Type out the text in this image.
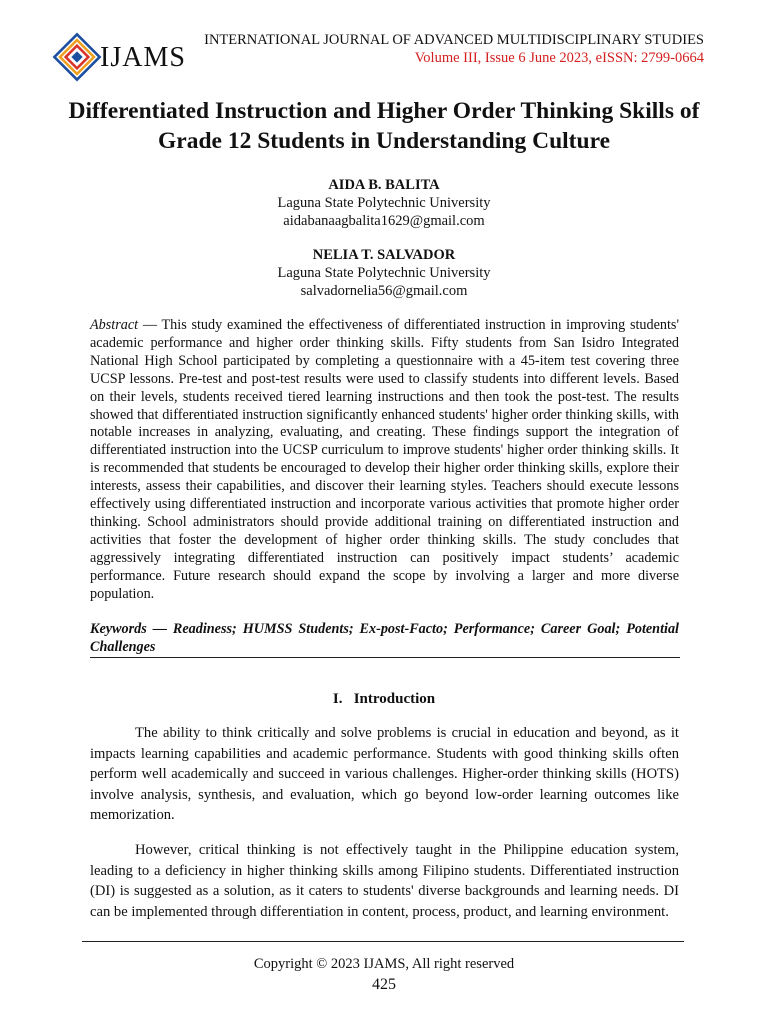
IJAMS
INTERNATIONAL JOURNAL OF ADVANCED MULTIDISCIPLINARY STUDIES
Volume III, Issue 6 June 2023, eISSN: 2799-0664
Differentiated Instruction and Higher Order Thinking Skills of Grade 12 Students in Understanding Culture
AIDA B. BALITA
Laguna State Polytechnic University
aidabanaagbalita1629@gmail.com
NELIA T. SALVADOR
Laguna State Polytechnic University
salvadornelia56@gmail.com
Abstract — This study examined the effectiveness of differentiated instruction in improving students' academic performance and higher order thinking skills. Fifty students from San Isidro Integrated National High School participated by completing a questionnaire with a 45-item test covering three UCSP lessons. Pre-test and post-test results were used to classify students into different levels. Based on their levels, students received tiered learning instructions and then took the post-test. The results showed that differentiated instruction significantly enhanced students' higher order thinking skills, with notable increases in analyzing, evaluating, and creating. These findings support the integration of differentiated instruction into the UCSP curriculum to improve students' higher order thinking skills. It is recommended that students be encouraged to develop their higher order thinking skills, explore their interests, assess their capabilities, and discover their learning styles. Teachers should execute lessons effectively using differentiated instruction and incorporate various activities that promote higher order thinking. School administrators should provide additional training on differentiated instruction and activities that foster the development of higher order thinking skills. The study concludes that aggressively integrating differentiated instruction can positively impact students’ academic performance. Future research should expand the scope by involving a larger and more diverse population.
Keywords — Readiness; HUMSS Students; Ex-post-Facto; Performance; Career Goal; Potential Challenges
I.   Introduction
The ability to think critically and solve problems is crucial in education and beyond, as it impacts learning capabilities and academic performance. Students with good thinking skills often perform well academically and succeed in various challenges. Higher-order thinking skills (HOTS) involve analysis, synthesis, and evaluation, which go beyond low-order learning outcomes like memorization.
However, critical thinking is not effectively taught in the Philippine education system, leading to a deficiency in higher thinking skills among Filipino students. Differentiated instruction (DI) is suggested as a solution, as it caters to students' diverse backgrounds and learning needs. DI can be implemented through differentiation in content, process, product, and learning environment.
Copyright © 2023 IJAMS, All right reserved
425
